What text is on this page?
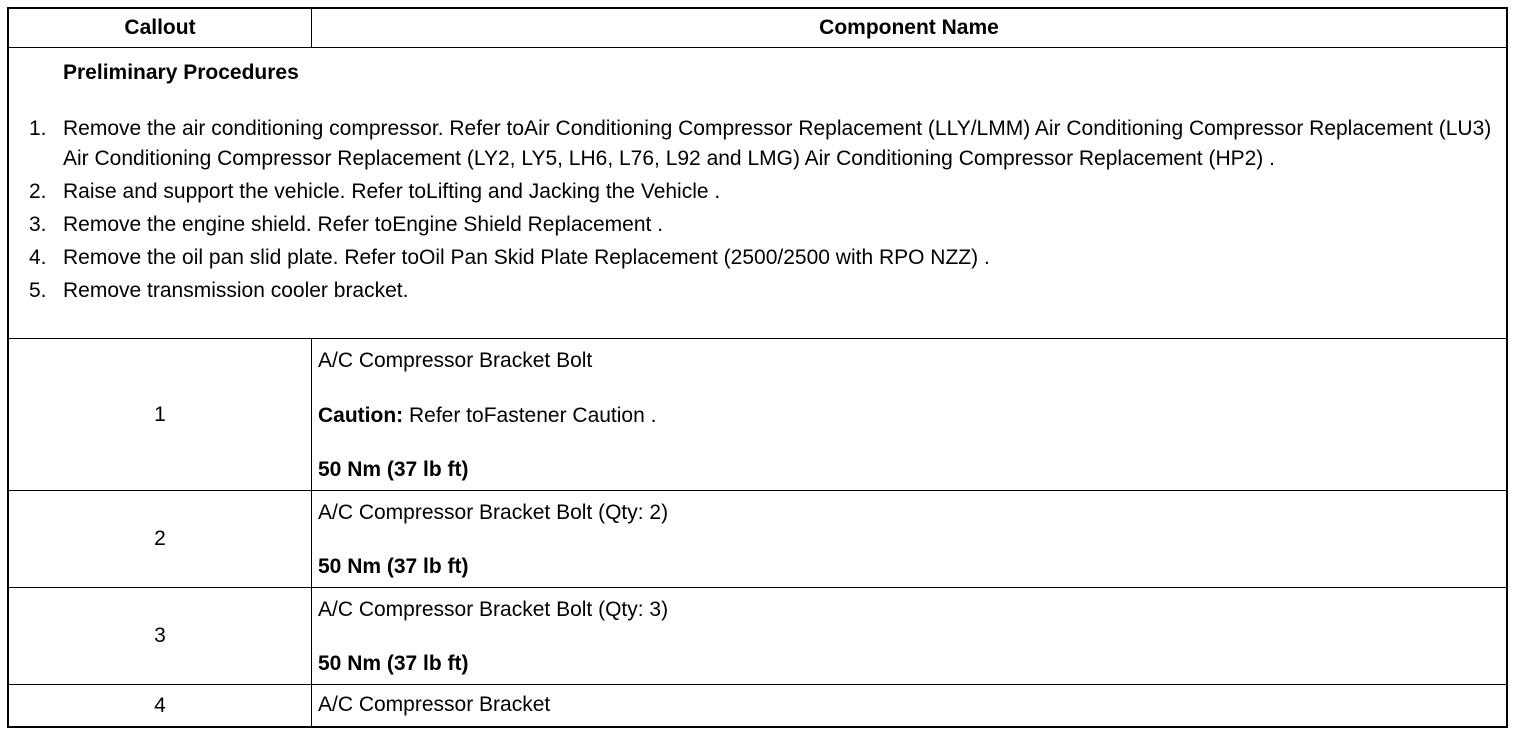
Callout	Component Name
Preliminary Procedures
1. Remove the air conditioning compressor. Refer toAir Conditioning Compressor Replacement (LLY/LMM) Air Conditioning Compressor Replacement (LU3) Air Conditioning Compressor Replacement (LY2, LY5, LH6, L76, L92 and LMG) Air Conditioning Compressor Replacement (HP2) .
2. Raise and support the vehicle. Refer toLifting and Jacking the Vehicle .
3. Remove the engine shield. Refer toEngine Shield Replacement .
4. Remove the oil pan slid plate. Refer toOil Pan Skid Plate Replacement (2500/2500 with RPO NZZ) .
5. Remove transmission cooler bracket.
1
A/C Compressor Bracket Bolt
Caution: Refer toFastener Caution .
50 Nm (37 lb ft)
2
A/C Compressor Bracket Bolt (Qty: 2)
50 Nm (37 lb ft)
3
A/C Compressor Bracket Bolt (Qty: 3)
50 Nm (37 lb ft)
4	A/C Compressor Bracket
